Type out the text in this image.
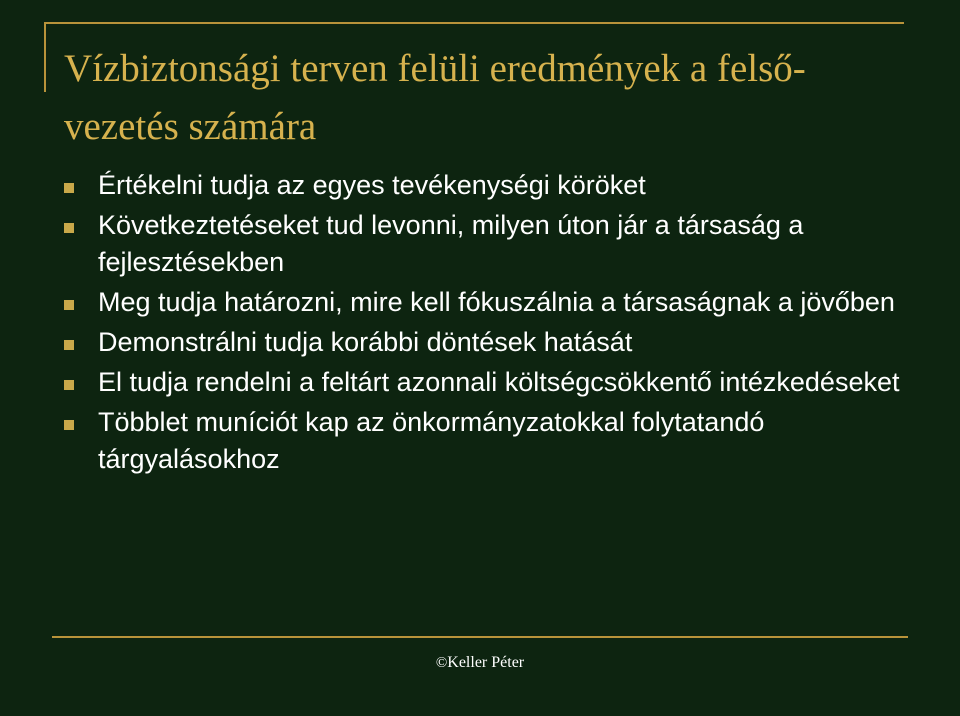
Vízbiztonsági terven felüli eredmények a felső-vezetés számára
Értékelni tudja az egyes tevékenységi köröket
Következtetéseket tud levonni, milyen úton jár a társaság a fejlesztésekben
Meg tudja határozni, mire kell fókuszálnia a társaságnak a jövőben
Demonstrálni tudja korábbi döntések hatását
El tudja rendelni a feltárt azonnali költségcsökkentő intézkedéseket
Többlet muníciót kap az önkormányzatokkal folytatandó tárgyalásokhoz
©Keller Péter
